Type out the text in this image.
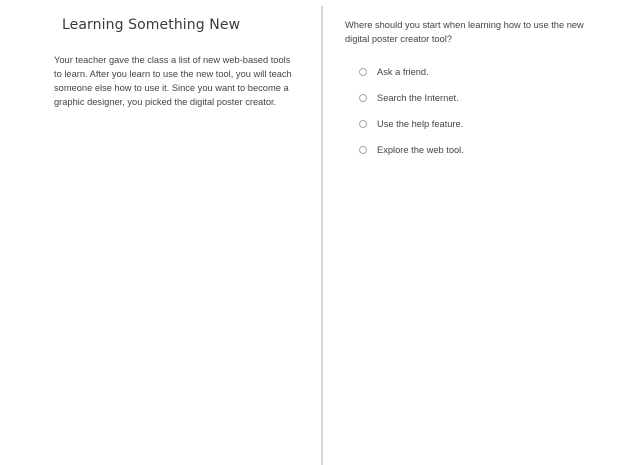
Learning Something New
Your teacher gave the class a list of new web-based tools to learn. After you learn to use the new tool, you will teach someone else how to use it. Since you want to become a graphic designer, you picked the digital poster creator.
Where should you start when learning how to use the new digital poster creator tool?
Ask a friend.
Search the Internet.
Use the help feature.
Explore the web tool.
